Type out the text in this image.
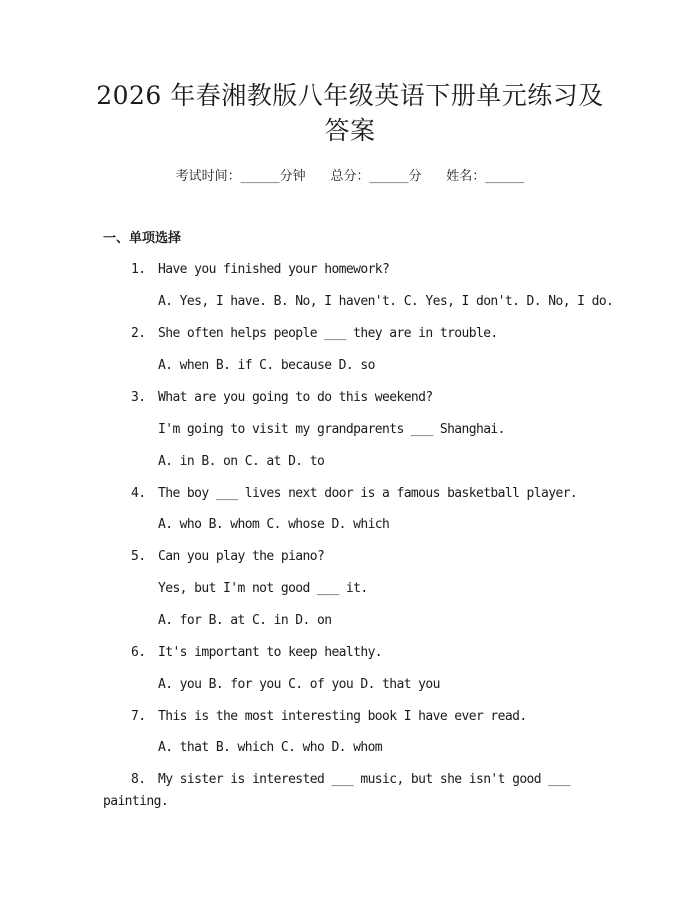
2026 年春湘教版八年级英语下册单元练习及
答案
考试时间：______分钟 总分：______分 姓名：______
一、单项选择
1. Have you finished your homework?
A. Yes, I have. B. No, I haven't. C. Yes, I don't. D. No, I do.
2. She often helps people ___ they are in trouble.
A. when B. if C. because D. so
3. What are you going to do this weekend?
I'm going to visit my grandparents ___ Shanghai.
A. in B. on C. at D. to
4. The boy ___ lives next door is a famous basketball player.
A. who B. whom C. whose D. which
5. Can you play the piano?
Yes, but I'm not good ___ it.
A. for B. at C. in D. on
6. It's important to keep healthy.
A. you B. for you C. of you D. that you
7. This is the most interesting book I have ever read.
A. that B. which C. who D. whom
8. My sister is interested ___ music, but she isn't good ___
painting.
